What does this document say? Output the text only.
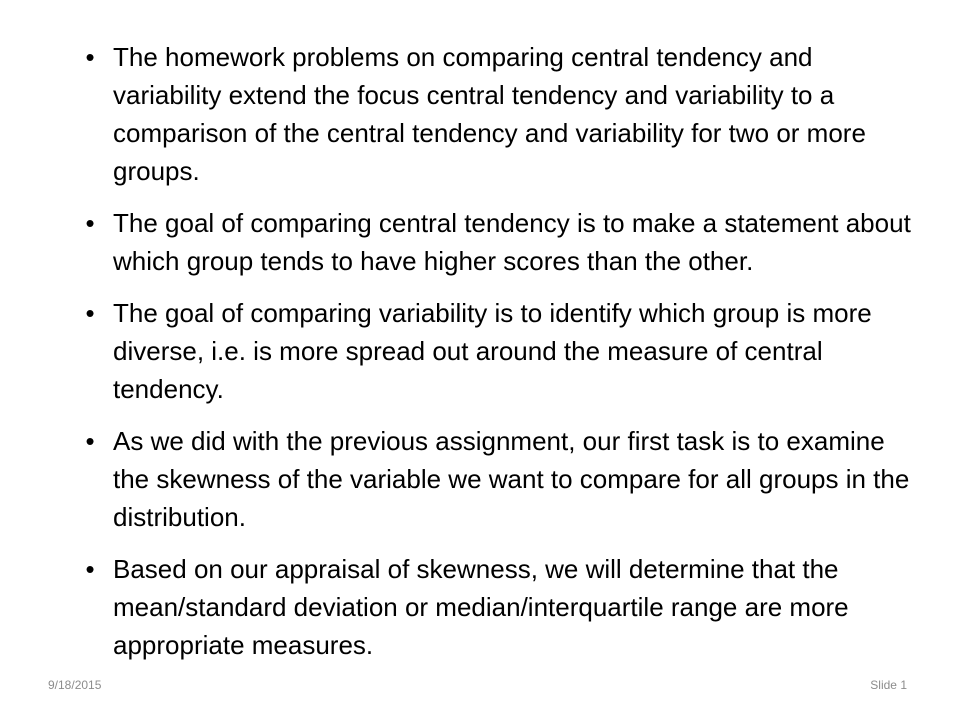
• The homework problems on comparing central tendency and variability extend the focus central tendency and variability to a comparison of the central tendency and variability for two or more groups.
• The goal of comparing central tendency is to make a statement about which group tends to have higher scores than the other.
• The goal of comparing variability is to identify which group is more diverse, i.e. is more spread out around the measure of central tendency.
• As we did with the previous assignment, our first task is to examine the skewness of the variable we want to compare for all groups in the distribution.
• Based on our appraisal of skewness, we will determine that the mean/standard deviation or median/interquartile range are more appropriate measures.
9/18/2015	Slide 1
